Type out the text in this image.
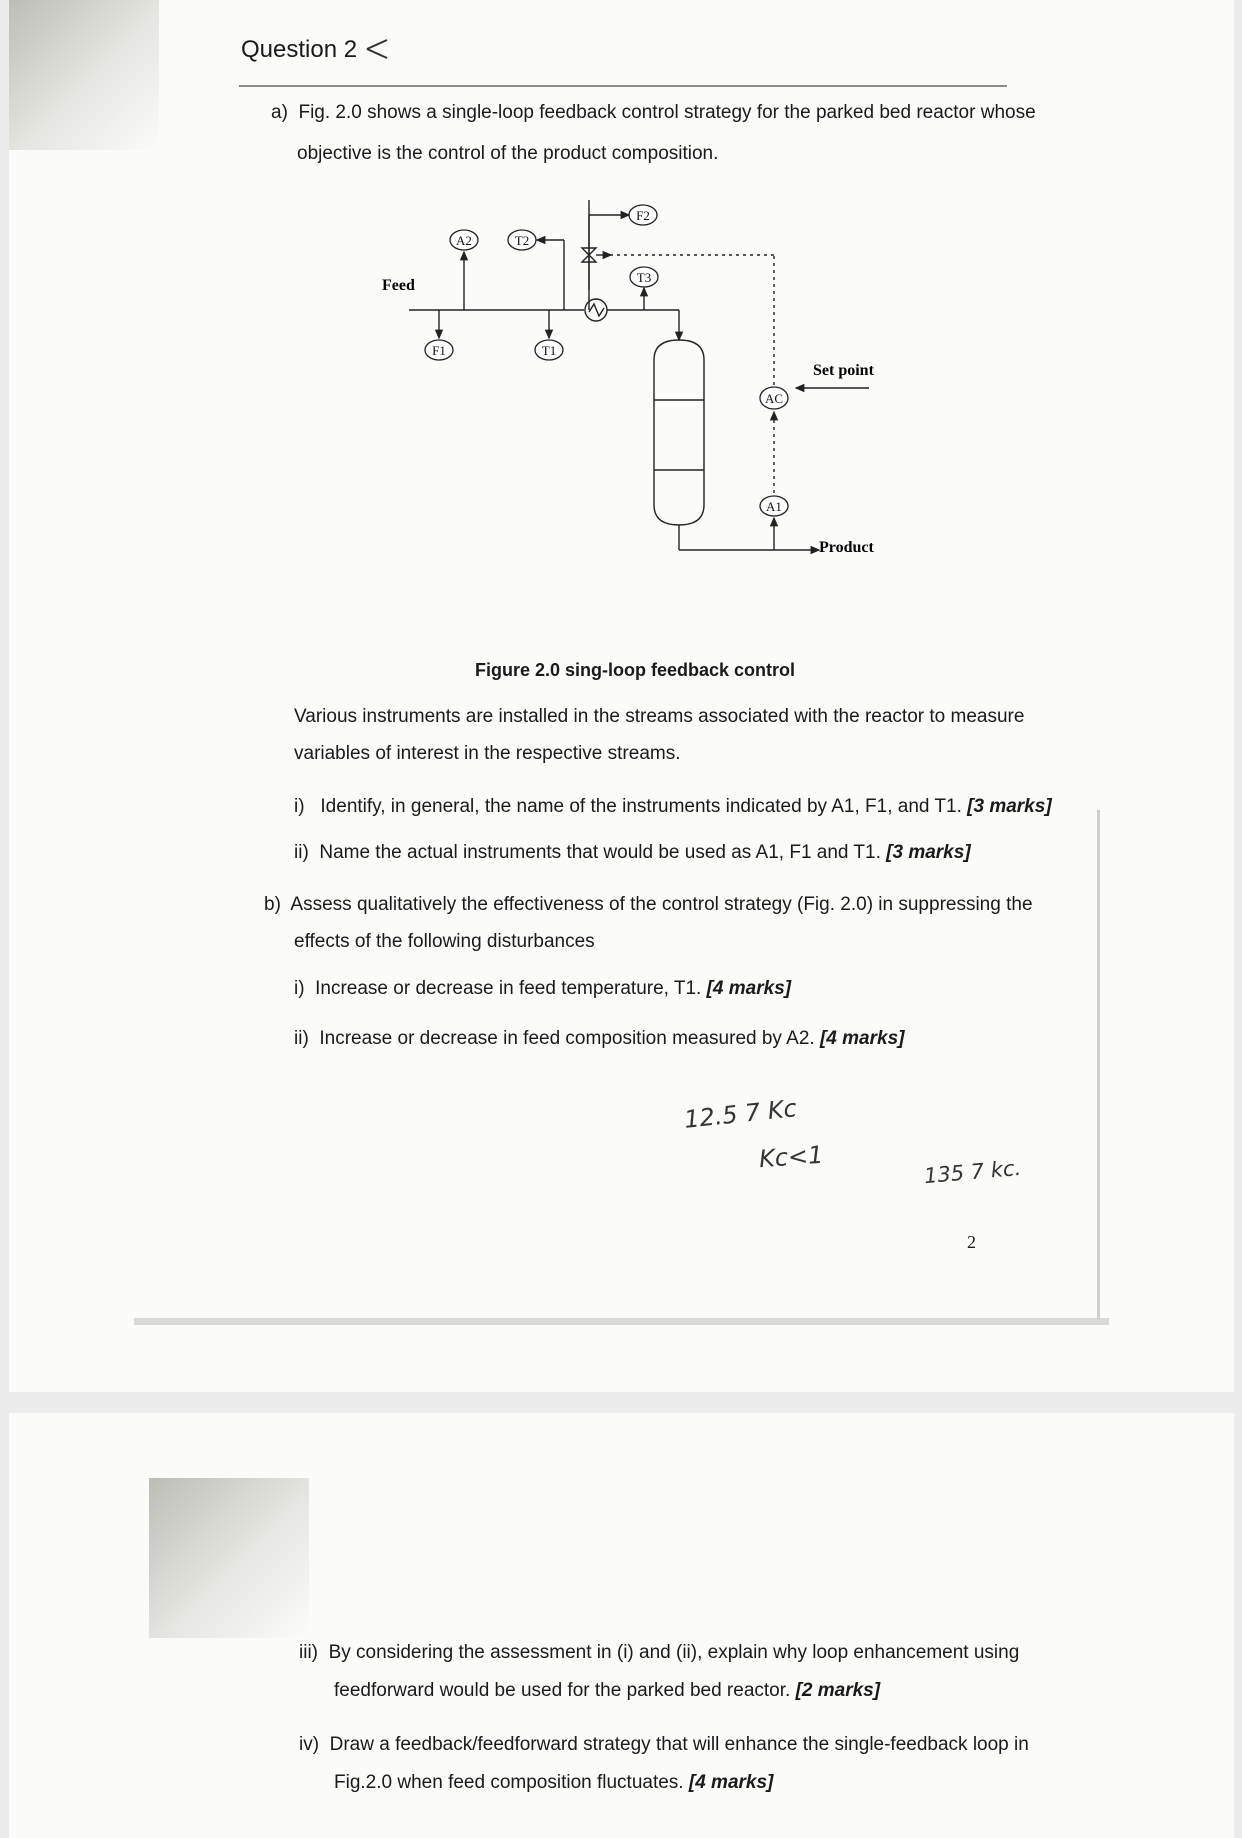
Question 2
a) Fig. 2.0 shows a single-loop feedback control strategy for the parked bed reactor whose
objective is the control of the product composition.
A2	T2
F2
T3
F1	T1
AC
A1
Feed
Set point
Product
Figure 2.0 sing-loop feedback control
Various instruments are installed in the streams associated with the reactor to measure
variables of interest in the respective streams.
i) Identify, in general, the name of the instruments indicated by A1, F1, and T1. [3 marks]
ii) Name the actual instruments that would be used as A1, F1 and T1. [3 marks]
b) Assess qualitatively the effectiveness of the control strategy (Fig. 2.0) in suppressing the
effects of the following disturbances
i) Increase or decrease in feed temperature, T1. [4 marks]
ii) Increase or decrease in feed composition measured by A2. [4 marks]
12.5 7 Kc
Kc<1	135 7 kc.
2
iii) By considering the assessment in (i) and (ii), explain why loop enhancement using
feedforward would be used for the parked bed reactor. [2 marks]
iv) Draw a feedback/feedforward strategy that will enhance the single-feedback loop in
Fig.2.0 when feed composition fluctuates. [4 marks]
